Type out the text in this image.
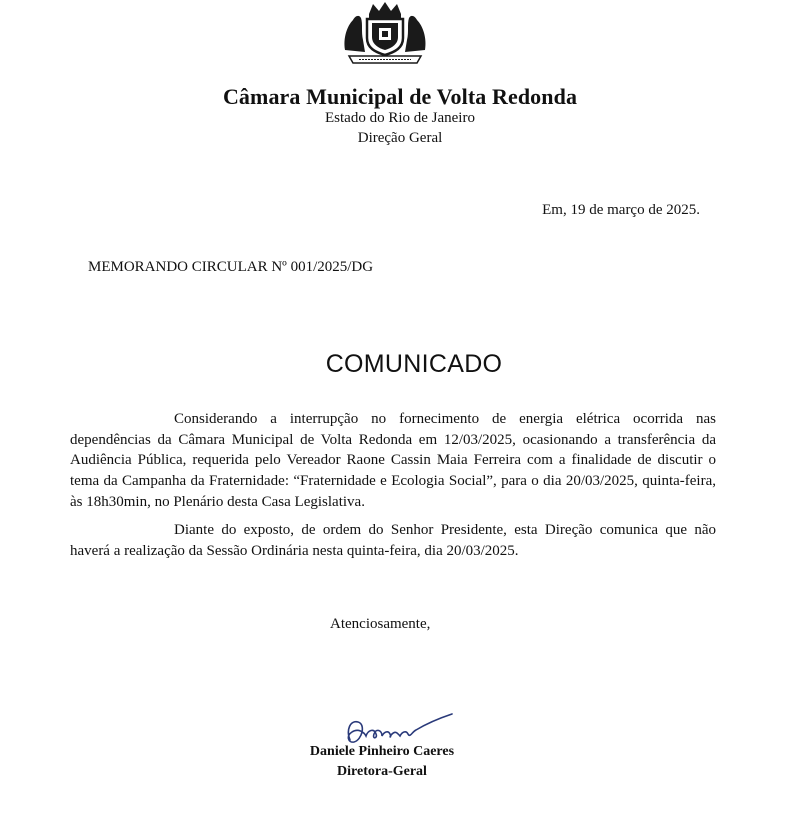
Câmara Municipal de Volta Redonda
Estado do Rio de Janeiro
Direção Geral
Em, 19 de março de 2025.
MEMORANDO CIRCULAR Nº 001/2025/DG
COMUNICADO
Considerando a interrupção no fornecimento de energia elétrica ocorrida nas dependências da Câmara Municipal de Volta Redonda em 12/03/2025, ocasionando a transferência da Audiência Pública, requerida pelo Vereador Raone Cassin Maia Ferreira com a finalidade de discutir o tema da Campanha da Fraternidade: “Fraternidade e Ecologia Social”, para o dia 20/03/2025, quinta-feira, às 18h30min, no Plenário desta Casa Legislativa.
Diante do exposto, de ordem do Senhor Presidente, esta Direção comunica que não haverá a realização da Sessão Ordinária nesta quinta-feira, dia 20/03/2025.
Atenciosamente,
Daniele Pinheiro Caeres
Diretora-Geral
